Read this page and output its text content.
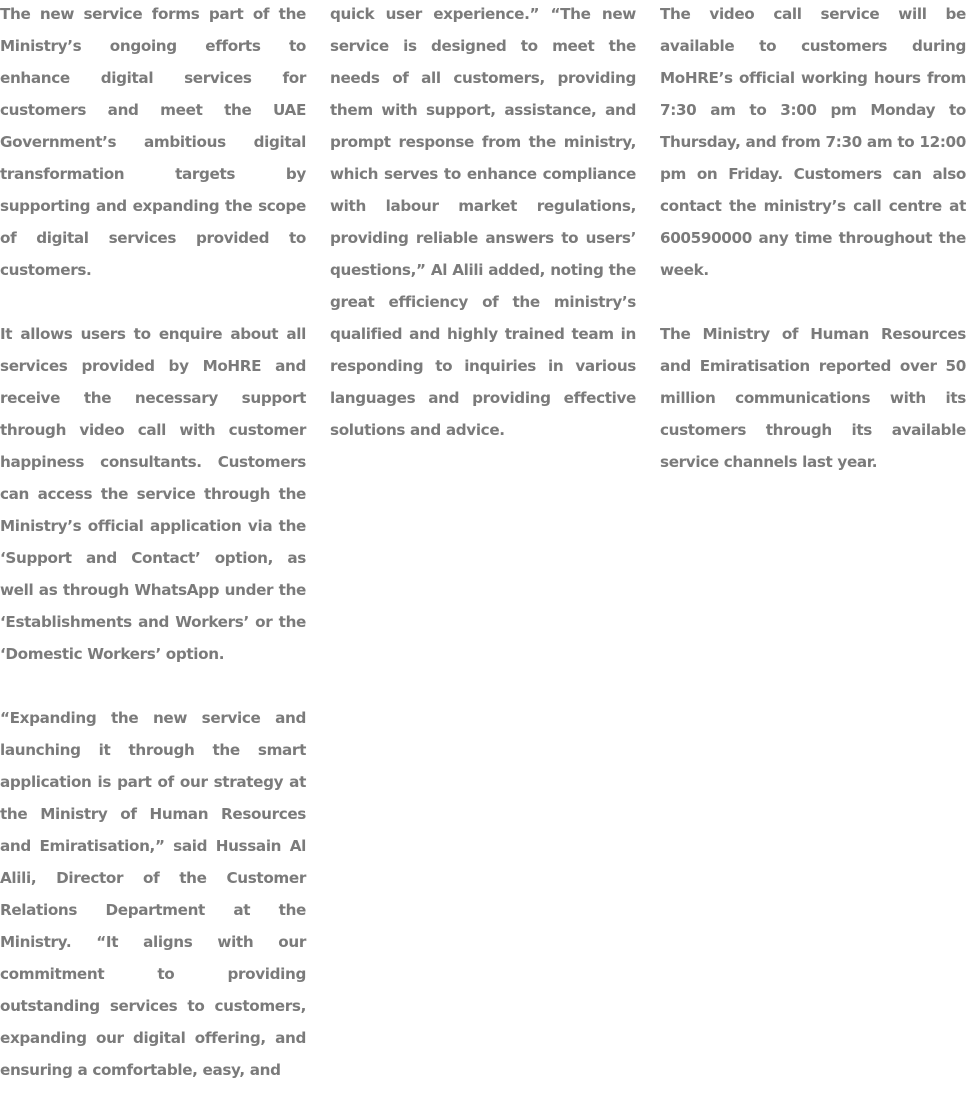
The new service forms part of the Ministry’s ongoing efforts to enhance digital services for customers and meet the UAE Government’s ambitious digital transformation targets by supporting and expanding the scope of digital services provided to customers.

It allows users to enquire about all services provided by MoHRE and receive the necessary support through video call with customer happiness consultants. Customers can access the service through the Ministry’s official application via the ‘Support and Contact’ option, as well as through WhatsApp under the ‘Establishments and Workers’ or the ‘Domestic Workers’ option.

“Expanding the new service and launching it through the smart application is part of our strategy at the Ministry of Human Resources and Emiratisation,” said Hussain Al Alili, Director of the Customer Relations Department at the Ministry. “It aligns with our commitment to providing outstanding services to customers, expanding our digital offering, and ensuring a comfortable, easy, and

quick user experience.” “The new service is designed to meet the needs of all customers, providing them with support, assistance, and prompt response from the ministry, which serves to enhance compliance with labour market regulations, providing reliable answers to users’ questions,” Al Alili added, noting the great efficiency of the ministry’s qualified and highly trained team in responding to inquiries in various languages and providing effective solutions and advice.

The video call service will be available to customers during MoHRE’s official working hours from 7:30 am to 3:00 pm Monday to Thursday, and from 7:30 am to 12:00 pm on Friday. Customers can also contact the ministry’s call centre at 600590000 any time throughout the week.

The Ministry of Human Resources and Emiratisation reported over 50 million communications with its customers through its available service channels last year.
